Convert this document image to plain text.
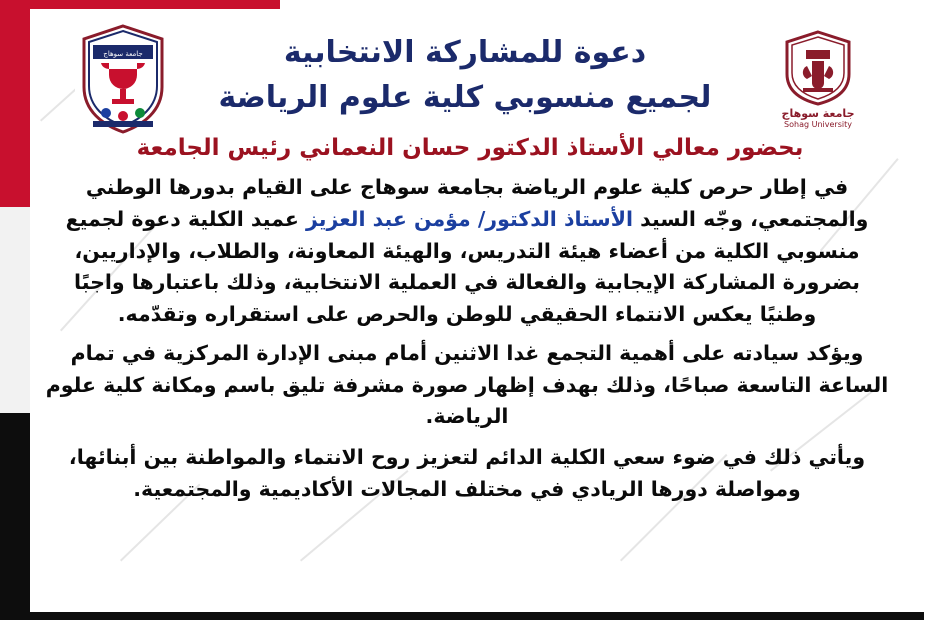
جامعة سوهاج	دعوة للمشاركة الانتخابية
لجميع منسوبي كلية علوم الرياضة	جامعة سوهاج
Sohag University
بحضور معالي الأستاذ الدكتور حسان النعماني رئيس الجامعة

في إطار حرص كلية علوم الرياضة بجامعة سوهاج على القيام بدورها الوطني والمجتمعي، وجّه السيد الأستاذ الدكتور/ مؤمن عبد العزيز عميد الكلية دعوة لجميع منسوبي الكلية من أعضاء هيئة التدريس، والهيئة المعاونة، والطلاب، والإداريين، بضرورة المشاركة الإيجابية والفعالة في العملية الانتخابية، وذلك باعتبارها واجبًا وطنيًا يعكس الانتماء الحقيقي للوطن والحرص على استقراره وتقدّمه.

ويؤكد سيادته على أهمية التجمع غدا الاثنين أمام مبنى الإدارة المركزية في تمام الساعة التاسعة صباحًا، وذلك بهدف إظهار صورة مشرفة تليق باسم ومكانة كلية علوم الرياضة.

ويأتي ذلك في ضوء سعي الكلية الدائم لتعزيز روح الانتماء والمواطنة بين أبنائها، ومواصلة دورها الريادي في مختلف المجالات الأكاديمية والمجتمعية.
